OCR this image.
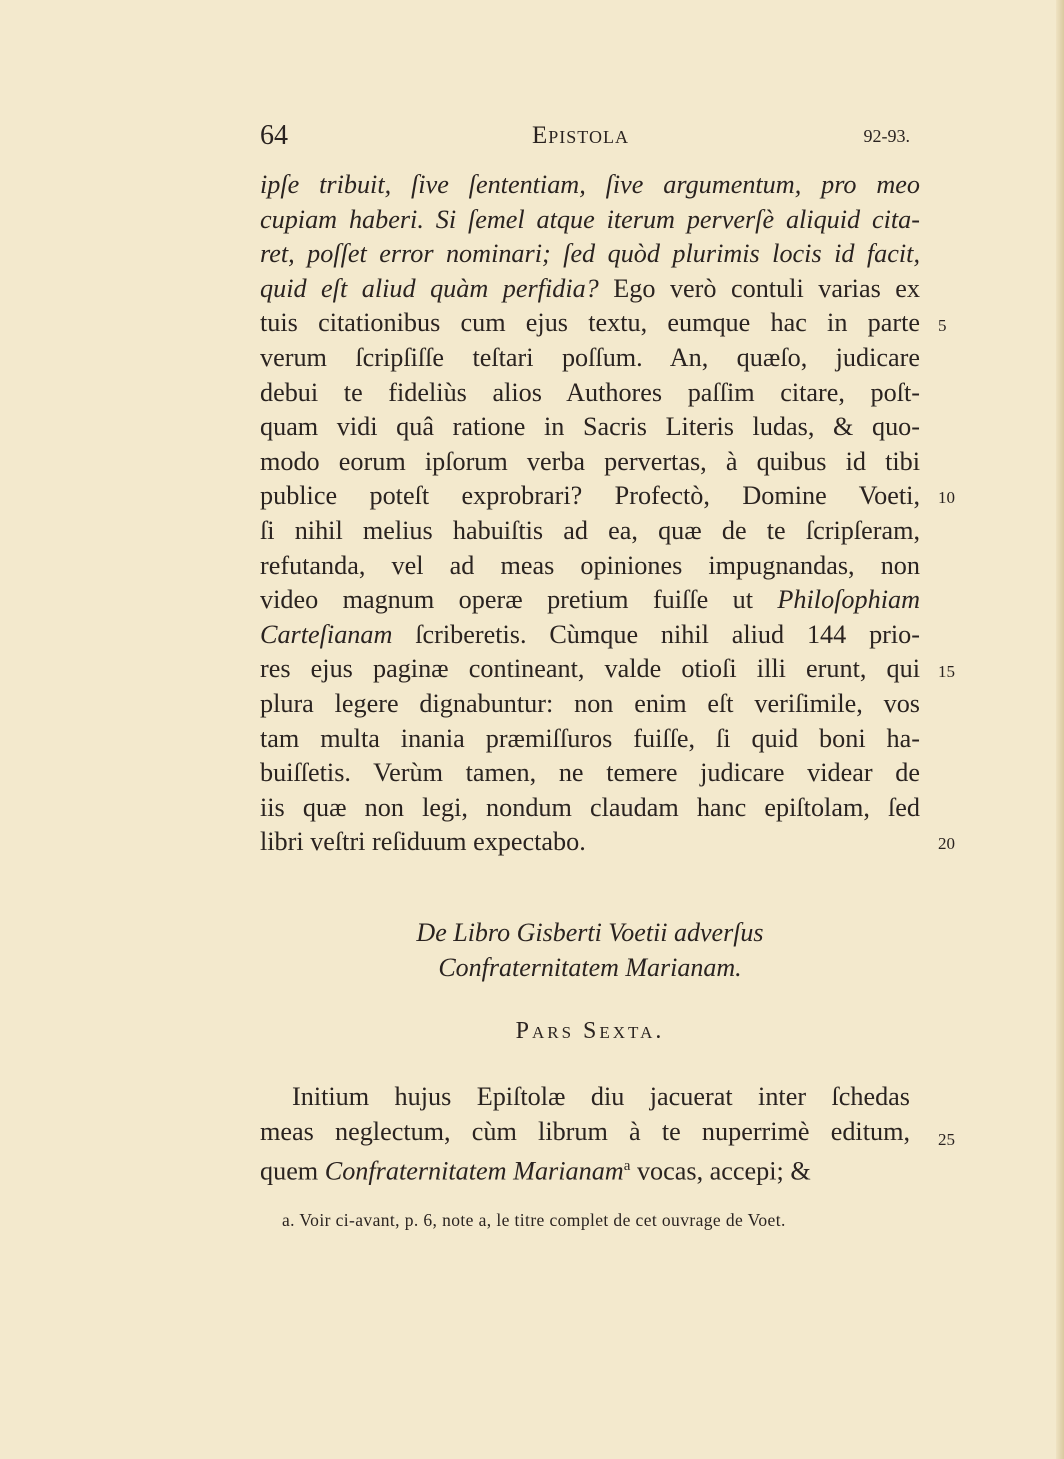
64	Epistola	92-93.
ipſe tribuit, ſive ſententiam, ſive argumentum, pro meo
cupiam haberi. Si ſemel atque iterum perverſè aliquid cita-
ret, poſſet error nominari; ſed quòd plurimis locis id facit,
quid eſt aliud quàm perfidia? Ego verò contuli varias ex
tuis citationibus cum ejus textu, eumque hac in parte
verum ſcripſiſſe teſtari poſſum. An, quæſo, judicare
debui te fideliùs alios Authores paſſim citare, poſt-
quam vidi quâ ratione in Sacris Literis ludas, & quo-
modo eorum ipſorum verba pervertas, à quibus id tibi
publice poteſt exprobrari? Profectò, Domine Voeti,
ſi nihil melius habuiſtis ad ea, quæ de te ſcripſeram,
refutanda, vel ad meas opiniones impugnandas, non
video magnum operæ pretium fuiſſe ut Philoſophiam
Carteſianam ſcriberetis. Cùmque nihil aliud 144 prio-
res ejus paginæ contineant, valde otioſi illi erunt, qui
plura legere dignabuntur: non enim eſt veriſimile, vos
tam multa inania præmiſſuros fuiſſe, ſi quid boni ha-
buiſſetis. Verùm tamen, ne temere judicare videar de
iis quæ non legi, nondum claudam hanc epiſtolam, ſed
libri veſtri reſiduum expectabo.
5
10
15
20
25
De Libro Gisberti Voetii adverſus
Confraternitatem Marianam.
Pars Sexta.
Initium hujus Epiſtolæ diu jacuerat inter ſchedas
meas neglectum, cùm librum à te nuperrimè editum,
quem Confraternitatem Marianam$^a$ vocas, accepi; &
a. Voir ci-avant, p. 6, note a, le titre complet de cet ouvrage de Voet.
